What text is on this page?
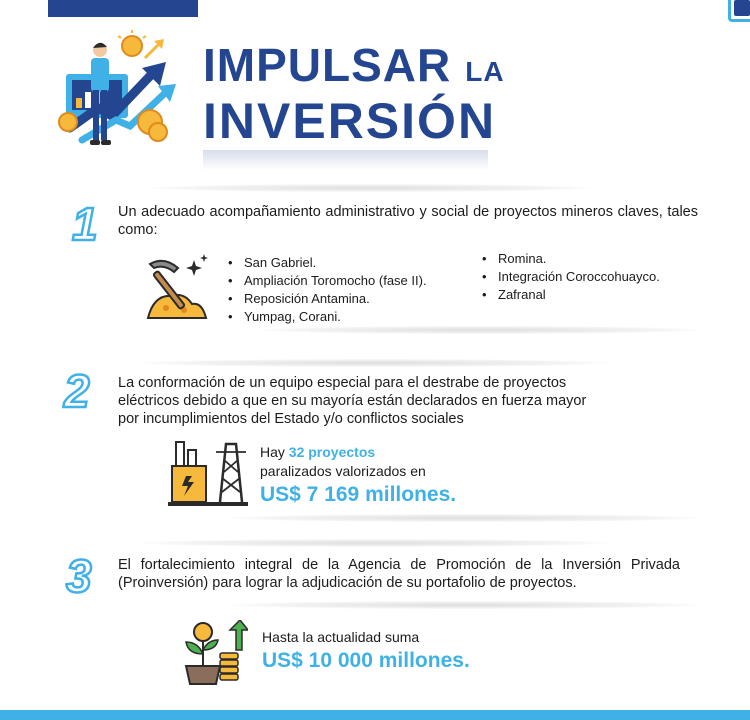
IMPULSAR LA
INVERSIÓN
1 Un adecuado acompañamiento administrativo y social de proyectos mineros claves, tales como:
• San Gabriel.
• Ampliación Toromocho (fase II).
• Reposición Antamina.
• Yumpag, Corani.
• Romina.
• Integración Coroccohuayco.
• Zafranal
2 La conformación de un equipo especial para el destrabe de proyectos
eléctricos debido a que en su mayoría están declarados en fuerza mayor
por incumplimientos del Estado y/o conflictos sociales
Hay 32 proyectos
paralizados valorizados en
US$ 7 169 millones.
3 El fortalecimiento integral de la Agencia de Promoción de la Inversión Privada (Proinversión) para lograr la adjudicación de su portafolio de proyectos.
Hasta la actualidad suma
US$ 10 000 millones.
